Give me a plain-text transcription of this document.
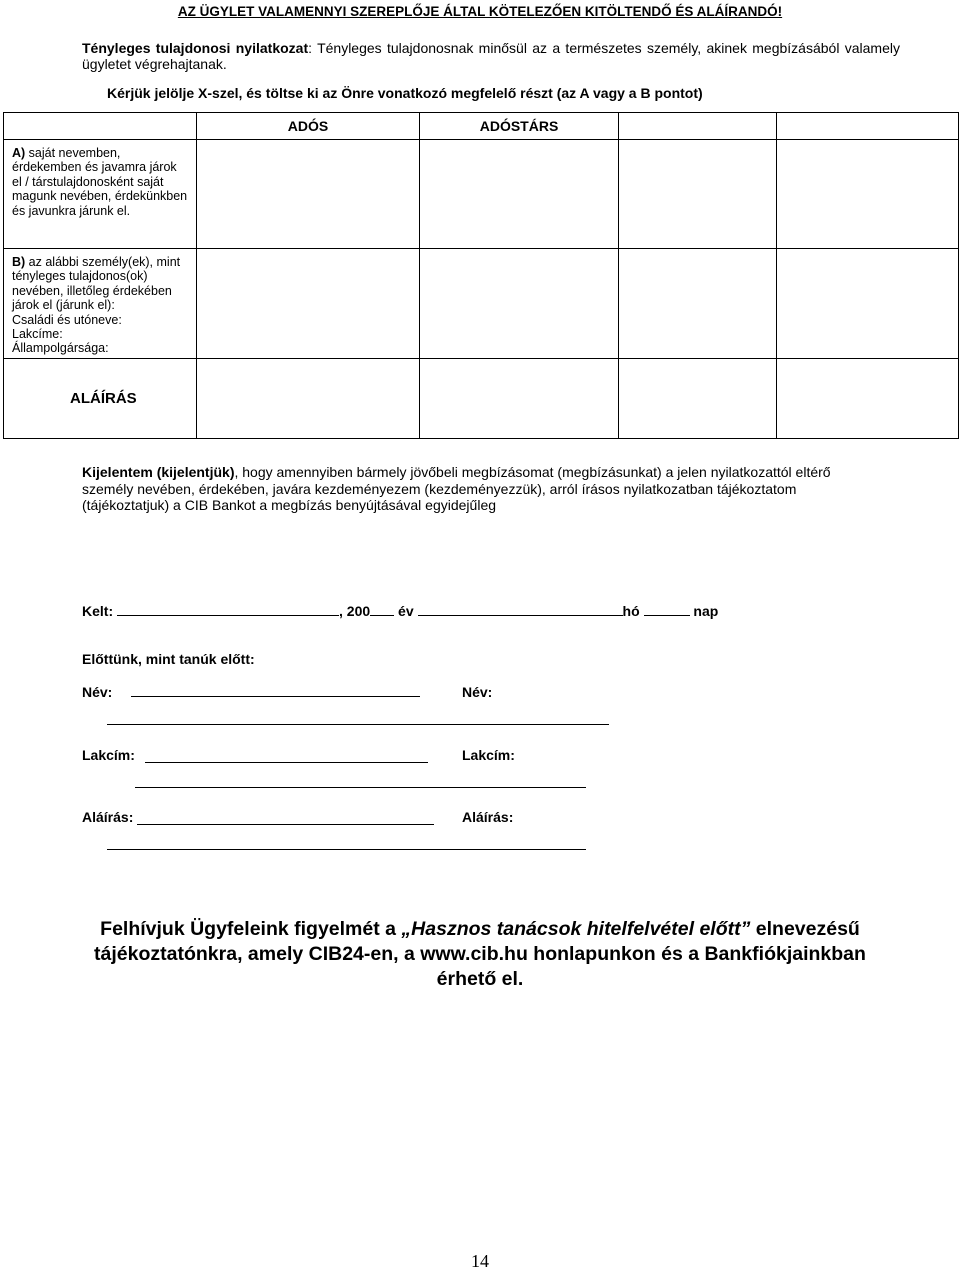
AZ ÜGYLET VALAMENNYI SZEREPLŐJE ÁLTAL KÖTELEZŐEN KITÖLTENDŐ ÉS ALÁÍRANDÓ!
Tényleges tulajdonosi nyilatkozat: Tényleges tulajdonosnak minősül az a természetes személy, akinek megbízásából valamely ügyletet végrehajtanak.
Kérjük jelölje X-szel, és töltse ki az Önre vonatkozó megfelelő részt (az A vagy a B pontot)
	ADÓS	ADÓSTÁRS		
A) saját nevemben, érdekemben és javamra járok el / társtulajdonosként saját magunk nevében, érdekünkben és javunkra járunk el.				
B) az alábbi személy(ek), mint tényleges tulajdonos(ok) nevében, illetőleg érdekében járok el (járunk el):
Családi és utóneve:
Lakcíme:
Állampolgársága:				
ALÁÍRÁS				
Kijelentem (kijelentjük), hogy amennyiben bármely jövőbeli megbízásomat (megbízásunkat) a jelen nyilatkozattól eltérő személy nevében, érdekében, javára kezdeményezem (kezdeményezzük), arról írásos nyilatkozatban tájékoztatom (tájékoztatjuk) a CIB Bankot a megbízás benyújtásával egyidejűleg
Kelt:	, 200 év	hó	nap
Előttünk, mint tanúk előtt:
Név:	Név:
Lakcím:	Lakcím:
Aláírás:	Aláírás:
Felhívjuk Ügyfeleink figyelmét a „Hasznos tanácsok hitelfelvétel előtt” elnevezésű
tájékoztatónkra, amely CIB24-en, a www.cib.hu honlapunkon és a Bankfiókjainkban
érhető el.
14
